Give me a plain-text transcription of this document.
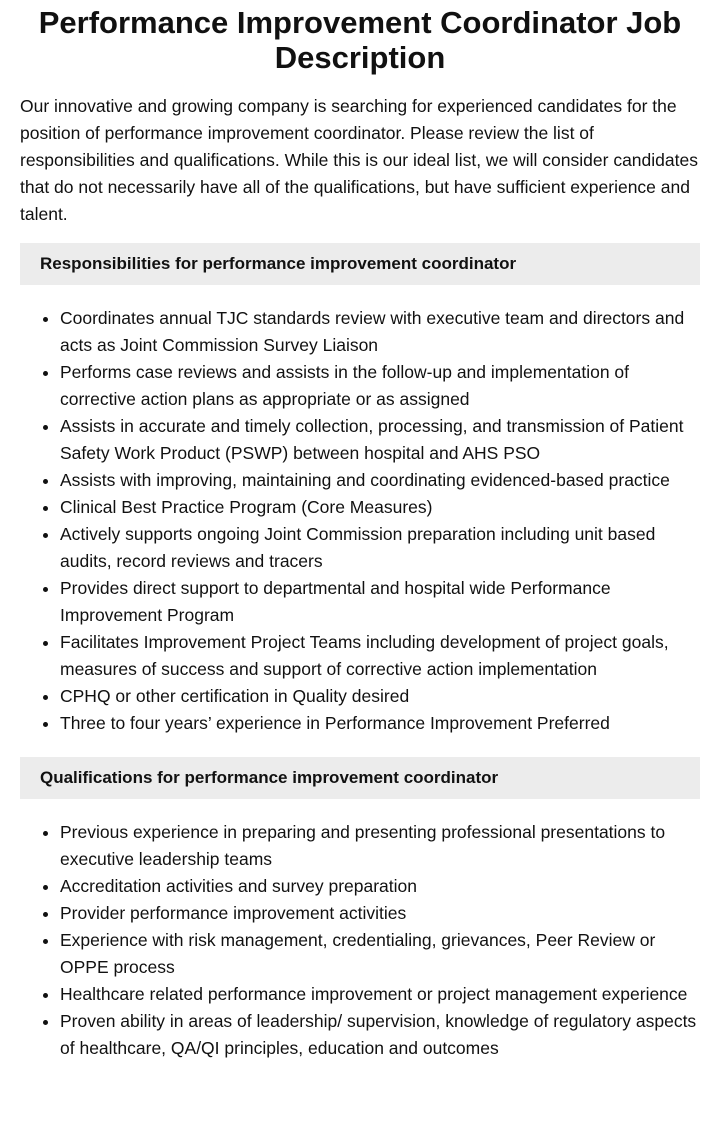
Performance Improvement Coordinator Job Description

Our innovative and growing company is searching for experienced candidates for the position of performance improvement coordinator. Please review the list of responsibilities and qualifications. While this is our ideal list, we will consider candidates that do not necessarily have all of the qualifications, but have sufficient experience and talent.

Responsibilities for performance improvement coordinator
• Coordinates annual TJC standards review with executive team and directors and acts as Joint Commission Survey Liaison
• Performs case reviews and assists in the follow-up and implementation of corrective action plans as appropriate or as assigned
• Assists in accurate and timely collection, processing, and transmission of Patient Safety Work Product (PSWP) between hospital and AHS PSO
• Assists with improving, maintaining and coordinating evidenced-based practice
• Clinical Best Practice Program (Core Measures)
• Actively supports ongoing Joint Commission preparation including unit based audits, record reviews and tracers
• Provides direct support to departmental and hospital wide Performance Improvement Program
• Facilitates Improvement Project Teams including development of project goals, measures of success and support of corrective action implementation
• CPHQ or other certification in Quality desired
• Three to four years’ experience in Performance Improvement Preferred
Qualifications for performance improvement coordinator
• Previous experience in preparing and presenting professional presentations to executive leadership teams
• Accreditation activities and survey preparation
• Provider performance improvement activities
• Experience with risk management, credentialing, grievances, Peer Review or OPPE process
• Healthcare related performance improvement or project management experience
• Proven ability in areas of leadership/ supervision, knowledge of regulatory aspects of healthcare, QA/QI principles, education and outcomes
